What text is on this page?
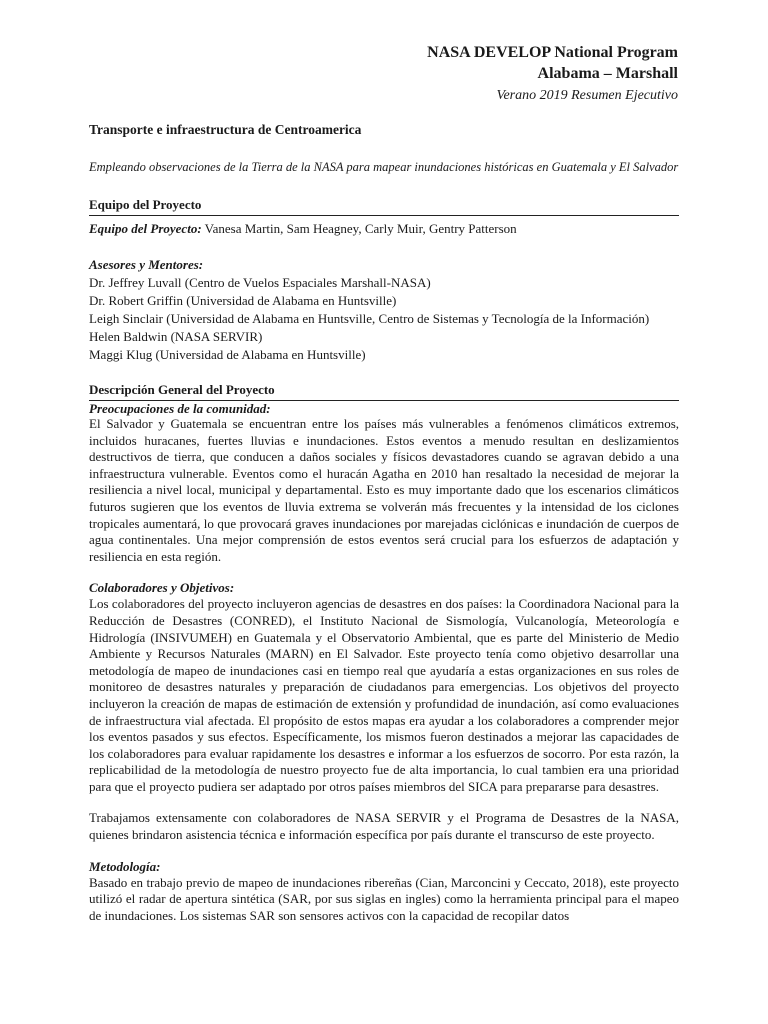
NASA DEVELOP National Program
Alabama – Marshall
Verano 2019 Resumen Ejecutivo
Transporte e infraestructura de Centroamerica
Empleando observaciones de la Tierra de la NASA para mapear inundaciones históricas en Guatemala y El Salvador
Equipo del Proyecto
Equipo del Proyecto: Vanesa Martin, Sam Heagney, Carly Muir, Gentry Patterson
Asesores y Mentores:
Dr. Jeffrey Luvall (Centro de Vuelos Espaciales Marshall-NASA)
Dr. Robert Griffin (Universidad de Alabama en Huntsville)
Leigh Sinclair (Universidad de Alabama en Huntsville, Centro de Sistemas y Tecnología de la Información)
Helen Baldwin (NASA SERVIR)
Maggi Klug (Universidad de Alabama en Huntsville)
Descripción General del Proyecto
Preocupaciones de la comunidad:

El Salvador y Guatemala se encuentran entre los países más vulnerables a fenómenos climáticos extremos, incluidos huracanes, fuertes lluvias e inundaciones. Estos eventos a menudo resultan en deslizamientos destructivos de tierra, que conducen a daños sociales y físicos devastadores cuando se agravan debido a una infraestructura vulnerable. Eventos como el huracán Agatha en 2010 han resaltado la necesidad de mejorar la resiliencia a nivel local, municipal y departamental. Esto es muy importante dado que los escenarios climáticos futuros sugieren que los eventos de lluvia extrema se volverán más frecuentes y la intensidad de los ciclones tropicales aumentará, lo que provocará graves inundaciones por marejadas ciclónicas e inundación de cuerpos de agua continentales. Una mejor comprensión de estos eventos será crucial para los esfuerzos de adaptación y resiliencia en esta región.

Colaboradores y Objetivos:

Los colaboradores del proyecto incluyeron agencias de desastres en dos países: la Coordinadora Nacional para la Reducción de Desastres (CONRED), el Instituto Nacional de Sismología, Vulcanología, Meteorología e Hidrología (INSIVUMEH) en Guatemala y el Observatorio Ambiental, que es parte del Ministerio de Medio Ambiente y Recursos Naturales (MARN) en El Salvador. Este proyecto tenía como objetivo desarrollar una metodología de mapeo de inundaciones casi en tiempo real que ayudaría a estas organizaciones en sus roles de monitoreo de desastres naturales y preparación de ciudadanos para emergencias. Los objetivos del proyecto incluyeron la creación de mapas de estimación de extensión y profundidad de inundación, así como evaluaciones de infraestructura vial afectada. El propósito de estos mapas era ayudar a los colaboradores a comprender mejor los eventos pasados y sus efectos. Específicamente, los mismos fueron destinados a mejorar las capacidades de los colaboradores para evaluar rapidamente los desastres e informar a los esfuerzos de socorro. Por esta razón, la replicabilidad de la metodología de nuestro proyecto fue de alta importancia, lo cual tambien era una prioridad para que el proyecto pudiera ser adaptado por otros países miembros del SICA para prepararse para desastres.

Trabajamos extensamente con colaboradores de NASA SERVIR y el Programa de Desastres de la NASA, quienes brindaron asistencia técnica e información específica por país durante el transcurso de este proyecto.

Metodología:

Basado en trabajo previo de mapeo de inundaciones ribereñas (Cian, Marconcini y Ceccato, 2018), este proyecto utilizó el radar de apertura sintética (SAR, por sus siglas en ingles) como la herramienta principal para el mapeo de inundaciones. Los sistemas SAR son sensores activos con la capacidad de recopilar datos
